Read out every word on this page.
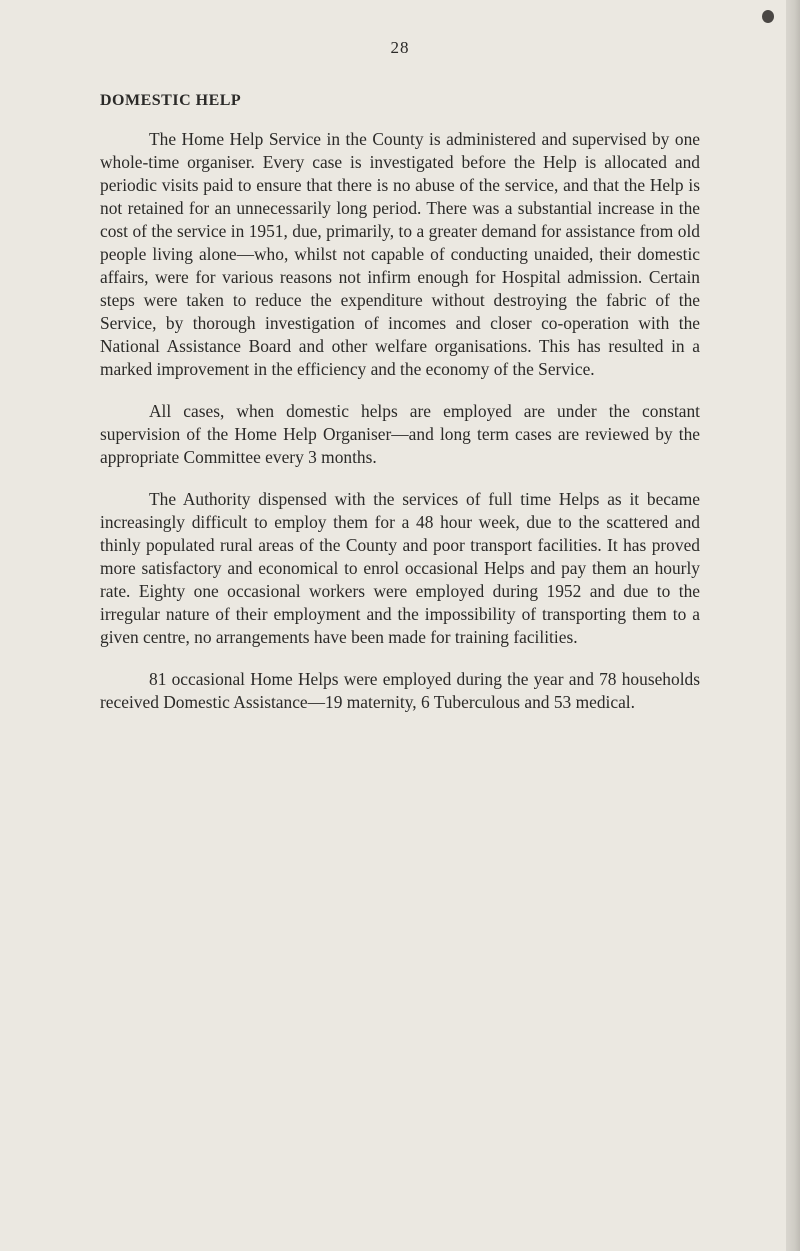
28
DOMESTIC HELP

The Home Help Service in the County is administered and supervised by one whole-time organiser. Every case is investigated before the Help is allocated and periodic visits paid to ensure that there is no abuse of the service, and that the Help is not retained for an unnecessarily long period. There was a substantial increase in the cost of the service in 1951, due, primarily, to a greater demand for assistance from old people living alone—who, whilst not capable of conducting unaided, their domestic affairs, were for various reasons not infirm enough for Hospital admission. Certain steps were taken to reduce the expenditure without destroying the fabric of the Service, by thorough investigation of incomes and closer co-operation with the National Assistance Board and other welfare organisations. This has resulted in a marked improvement in the efficiency and the economy of the Service.

All cases, when domestic helps are employed are under the constant supervision of the Home Help Organiser—and long term cases are reviewed by the appropriate Committee every 3 months.

The Authority dispensed with the services of full time Helps as it became increasingly difficult to employ them for a 48 hour week, due to the scattered and thinly populated rural areas of the County and poor transport facilities. It has proved more satisfactory and economical to enrol occasional Helps and pay them an hourly rate. Eighty one occasional workers were employed during 1952 and due to the irregular nature of their employment and the impossibility of transporting them to a given centre, no arrangements have been made for training facilities.

81 occasional Home Helps were employed during the year and 78 households received Domestic Assistance—19 maternity, 6 Tuberculous and 53 medical.
